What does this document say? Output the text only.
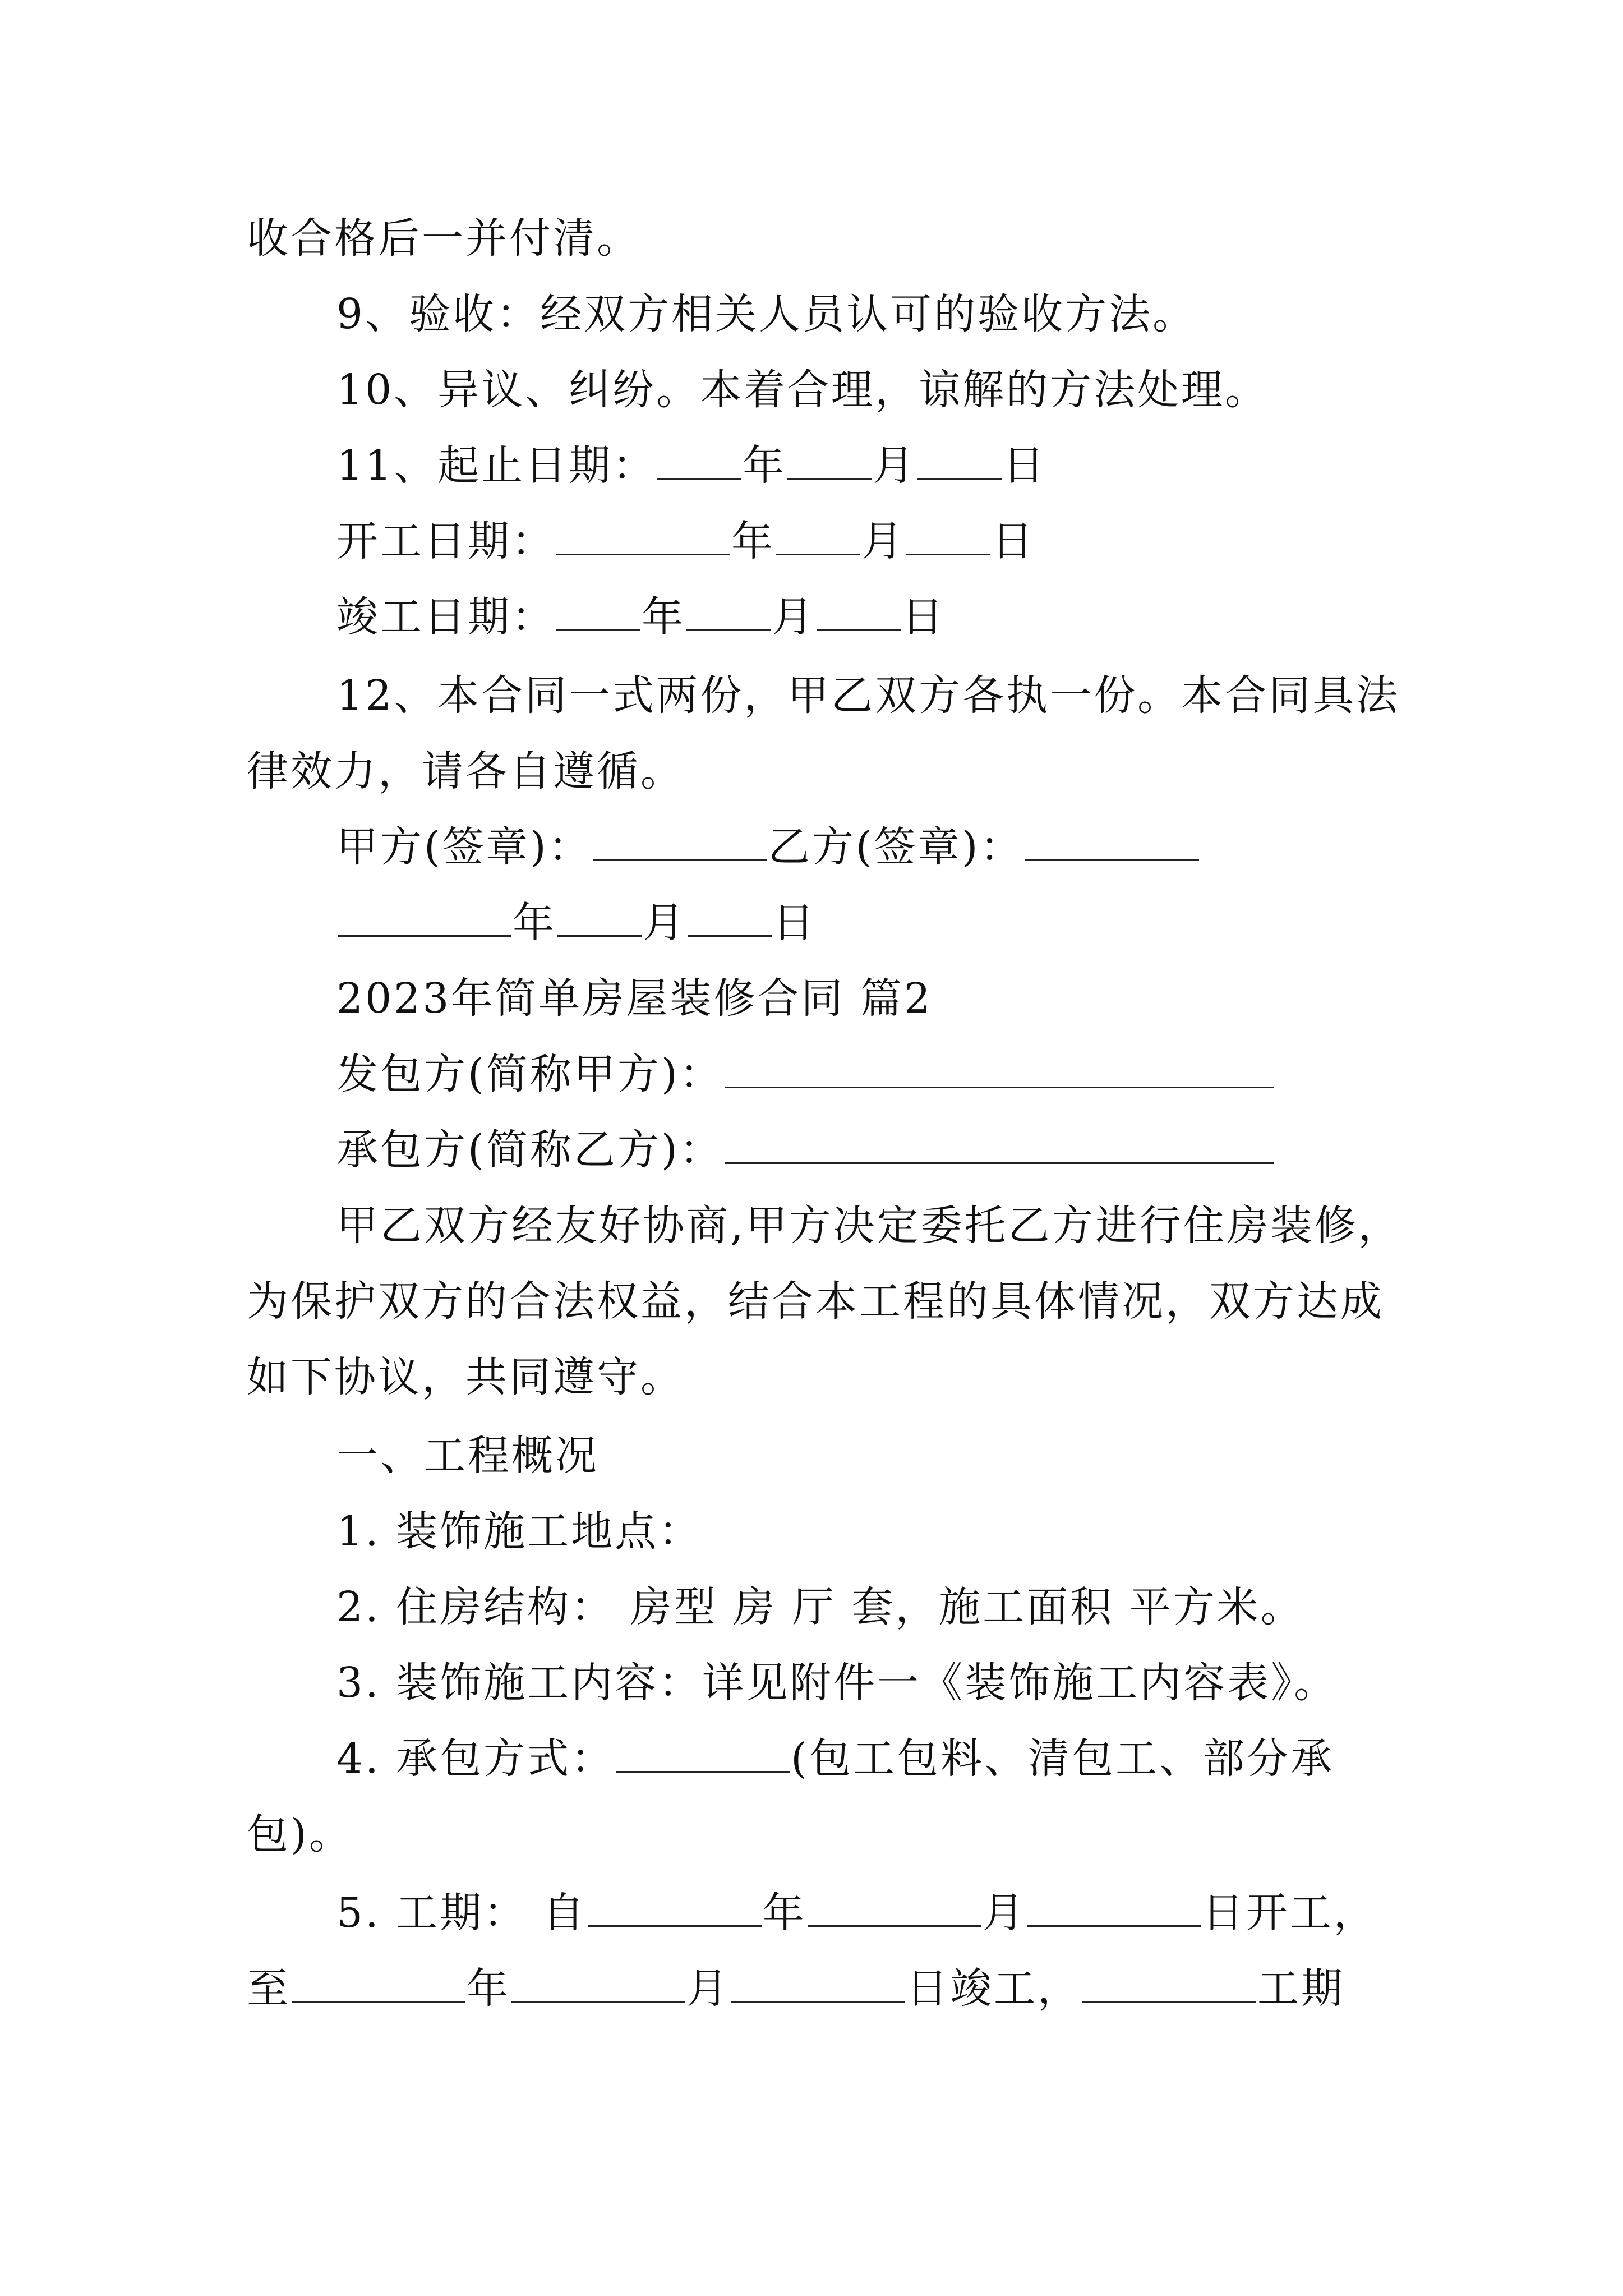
收合格后一并付清。
9、验收：经双方相关人员认可的验收方法。
10、异议、纠纷。本着合理，谅解的方法处理。
11、起止日期： 年 月 日
开工日期：	年 月 日
竣工日期： 年 月 日
12、本合同一式两份，甲乙双方各执一份。本合同具法
律效力，请各自遵循。
甲方(签章)：	乙方(签章)：
年 月 日
2023年简单房屋装修合同 篇2
发包方(简称甲方)：
承包方(简称乙方)：
甲乙双方经友好协商,甲方决定委托乙方进行住房装修，
为保护双方的合法权益，结合本工程的具体情况，双方达成
如下协议，共同遵守。
一、工程概况
1. 装饰施工地点：
2. 住房结构： 房型 房 厅 套，施工面积 平方米。
3. 装饰施工内容：详见附件一《装饰施工内容表》。
4. 承包方式：	(包工包料、清包工、部分承
包)。
5. 工期： 自	年	月	日开工，
至	年	月	日竣工，	工期
